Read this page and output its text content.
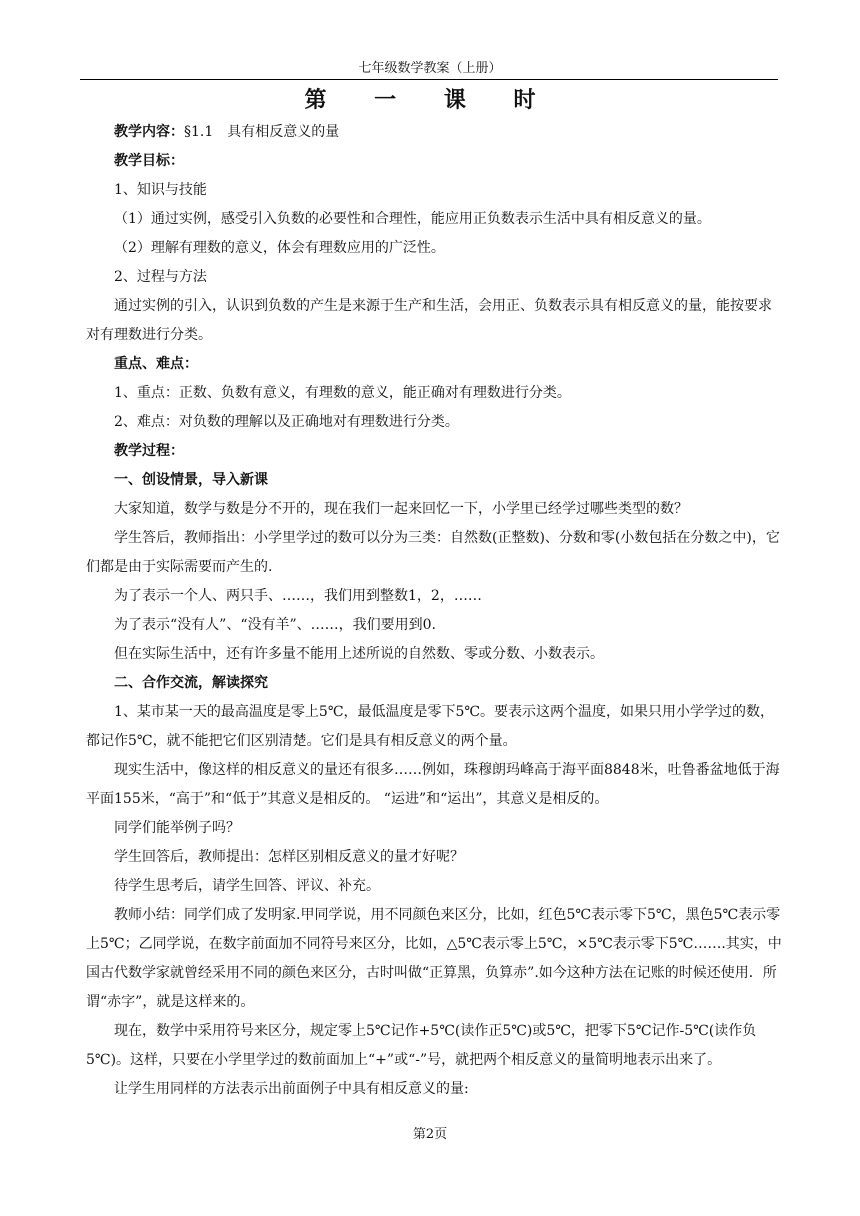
七年级数学教案（上册）
第 一 课 时

教学内容：§1.1　具有相反意义的量

教学目标：

1、知识与技能

（1）通过实例，感受引入负数的必要性和合理性，能应用正负数表示生活中具有相反意义的量。

（2）理解有理数的意义，体会有理数应用的广泛性。

2、过程与方法

通过实例的引入，认识到负数的产生是来源于生产和生活，会用正、负数表示具有相反意义的量，能按要求对有理数进行分类。

重点、难点：

1、重点：正数、负数有意义，有理数的意义，能正确对有理数进行分类。

2、难点：对负数的理解以及正确地对有理数进行分类。

教学过程：

一、创设情景，导入新课

大家知道，数学与数是分不开的，现在我们一起来回忆一下，小学里已经学过哪些类型的数？

学生答后，教师指出：小学里学过的数可以分为三类：自然数(正整数)、分数和零(小数包括在分数之中)，它们都是由于实际需要而产生的.

为了表示一个人、两只手、……，我们用到整数1，2，……

为了表示“没有人”、“没有羊”、……，我们要用到0.

但在实际生活中，还有许多量不能用上述所说的自然数、零或分数、小数表示。

二、合作交流，解读探究

1、某市某一天的最高温度是零上5℃，最低温度是零下5℃。要表示这两个温度，如果只用小学学过的数，都记作5℃，就不能把它们区别清楚。它们是具有相反意义的两个量。

现实生活中，像这样的相反意义的量还有很多……例如，珠穆朗玛峰高于海平面8848米，吐鲁番盆地低于海平面155米，“高于”和“低于”其意义是相反的。 “运进”和“运出”，其意义是相反的。

同学们能举例子吗？

学生回答后，教师提出：怎样区别相反意义的量才好呢？

待学生思考后，请学生回答、评议、补充。

教师小结：同学们成了发明家.甲同学说，用不同颜色来区分，比如，红色5℃表示零下5℃，黑色5℃表示零上5℃；乙同学说，在数字前面加不同符号来区分，比如，△5℃表示零上5℃，×5℃表示零下5℃…….其实，中国古代数学家就曾经采用不同的颜色来区分，古时叫做“正算黑，负算赤”.如今这种方法在记账的时候还使用．所谓“赤字”，就是这样来的。

现在，数学中采用符号来区分，规定零上5℃记作+5℃(读作正5℃)或5℃，把零下5℃记作-5℃(读作负5℃)。这样，只要在小学里学过的数前面加上“+”或“-”号，就把两个相反意义的量简明地表示出来了。

让学生用同样的方法表示出前面例子中具有相反意义的量:

第2页
